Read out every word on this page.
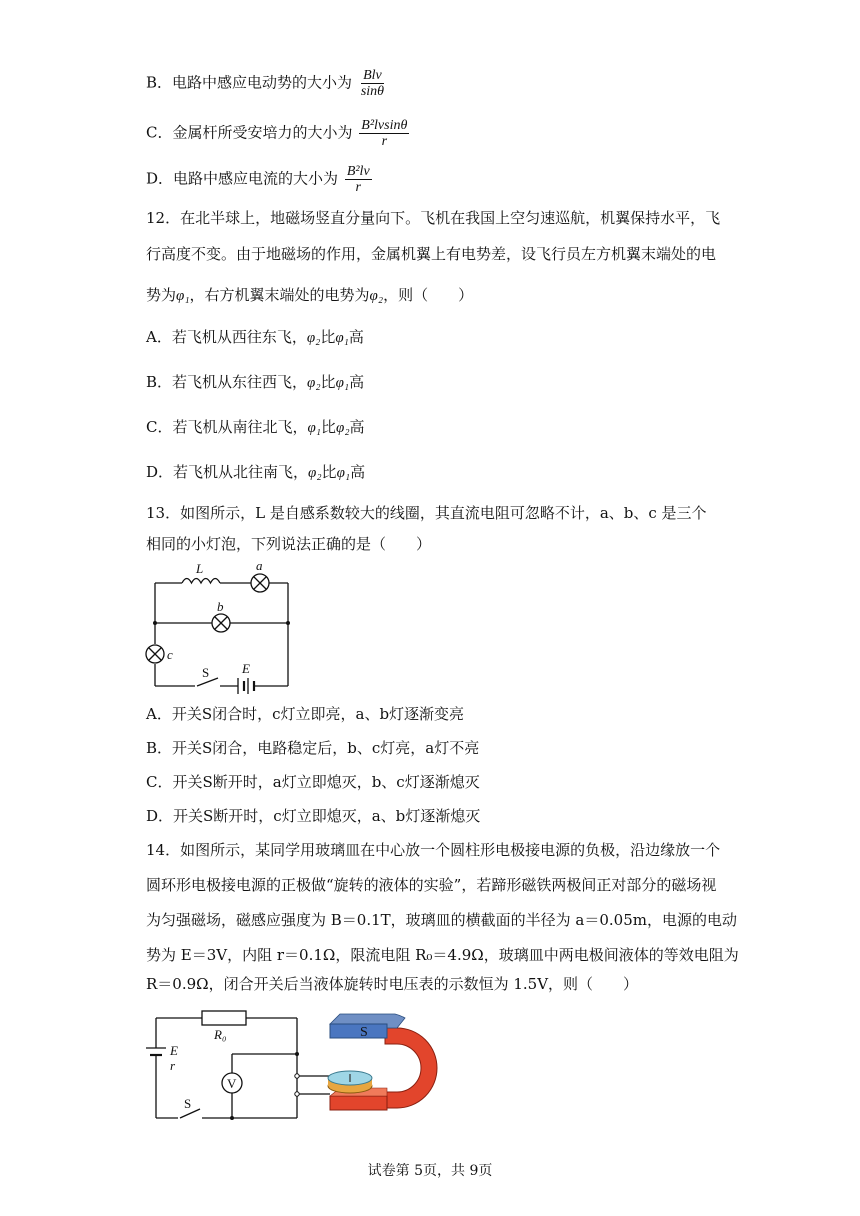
B．电路中感应电动势的大小为 $\frac{\text{Blv}}{\sin\theta}$
C．金属杆所受安培力的大小为 $\frac{\text{B²lvsinθ}}{r}$
D．电路中感应电流的大小为 $\frac{\text{B²lv}}{r}$
12．在北半球上，地磁场竖直分量向下。飞机在我国上空匀速巡航，机翼保持水平，飞
行高度不变。由于地磁场的作用，金属机翼上有电势差，设飞行员左方机翼末端处的电
势为φ₁，右方机翼末端处的电势为φ₂，则（　　）
A．若飞机从西往东飞，φ₂比φ₁高
B．若飞机从东往西飞，φ₂比φ₁高
C．若飞机从南往北飞，φ₁比φ₂高
D．若飞机从北往南飞，φ₂比φ₁高
13．如图所示，L 是自感系数较大的线圈，其直流电阻可忽略不计，a、b、c 是三个
相同的小灯泡，下列说法正确的是（　　）
L	a
b
c
E
S
A．开关S闭合时，c灯立即亮，a、b灯逐渐变亮
B．开关S闭合，电路稳定后，b、c灯亮，a灯不亮
C．开关S断开时，a灯立即熄灭，b、c灯逐渐熄灭
D．开关S断开时，c灯立即熄灭，a、b灯逐渐熄灭
14．如图所示，某同学用玻璃皿在中心放一个圆柱形电极接电源的负极，沿边缘放一个
圆环形电极接电源的正极做“旋转的液体的实验”，若蹄形磁铁两极间正对部分的磁场视
为匀强磁场，磁感应强度为 B＝0.1T，玻璃皿的横截面的半径为 a＝0.05m，电源的电动
势为 E＝3V，内阻 r＝0.1Ω，限流电阻 R₀＝4.9Ω，玻璃皿中两电极间液体的等效电阻为
R＝0.9Ω，闭合开关后当液体旋转时电压表的示数恒为 1.5V，则（　　）
R₀
E
r
V
S
S
试卷第 5页，共 9页
